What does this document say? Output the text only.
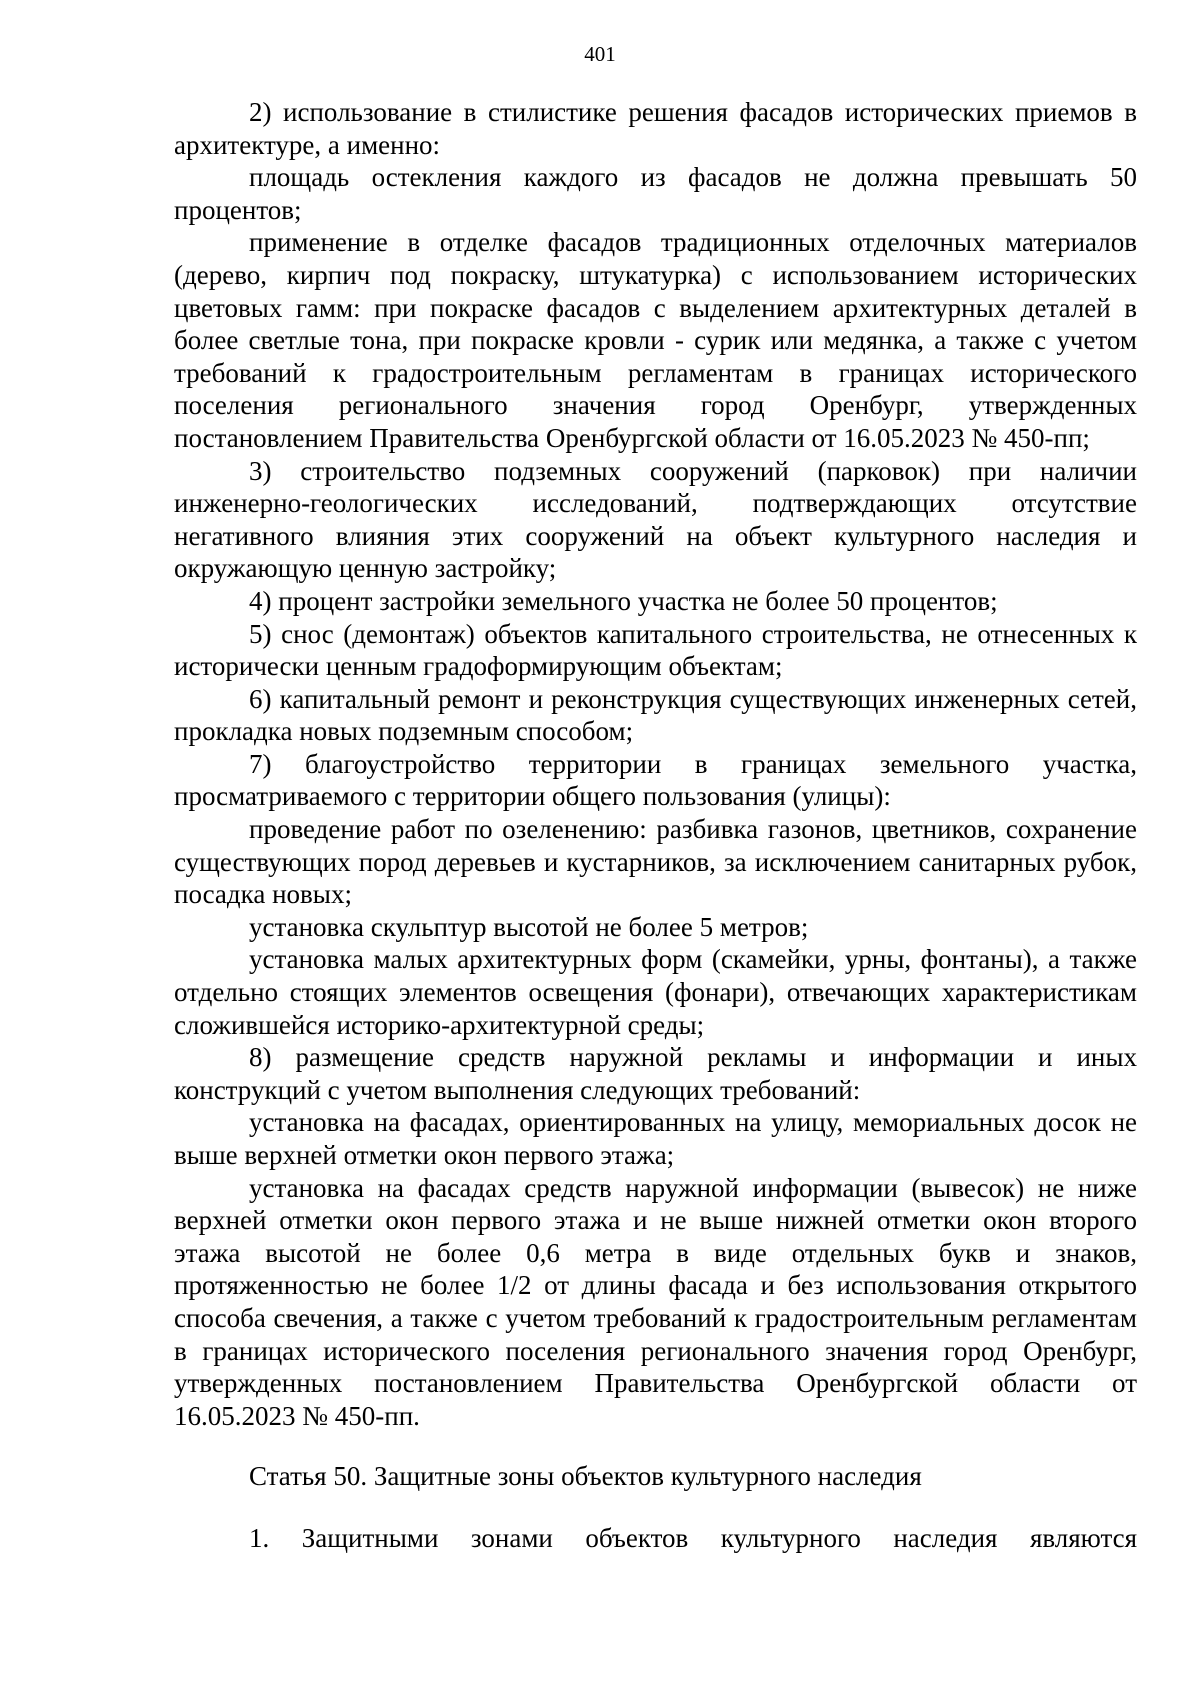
401

2) использование в стилистике решения фасадов исторических приемов в архитектуре, а именно:

площадь остекления каждого из фасадов не должна превышать 50 процентов;

применение в отделке фасадов традиционных отделочных материалов (дерево, кирпич под покраску, штукатурка) с использованием исторических цветовых гамм: при покраске фасадов с выделением архитектурных деталей в более светлые тона, при покраске кровли - сурик или медянка, а также с учетом требований к градостроительным регламентам в границах исторического поселения регионального значения город Оренбург, утвержденных постановлением Правительства Оренбургской области от 16.05.2023 № 450-пп;

3) строительство подземных сооружений (парковок) при наличии инженерно-геологических исследований, подтверждающих отсутствие негативного влияния этих сооружений на объект культурного наследия и окружающую ценную застройку;

4) процент застройки земельного участка не более 50 процентов;

5) снос (демонтаж) объектов капитального строительства, не отнесенных к исторически ценным градоформирующим объектам;

6) капитальный ремонт и реконструкция существующих инженерных сетей, прокладка новых подземным способом;

7) благоустройство территории в границах земельного участка, просматриваемого с территории общего пользования (улицы):

проведение работ по озеленению: разбивка газонов, цветников, сохранение существующих пород деревьев и кустарников, за исключением санитарных рубок, посадка новых;

установка скульптур высотой не более 5 метров;

установка малых архитектурных форм (скамейки, урны, фонтаны), а также отдельно стоящих элементов освещения (фонари), отвечающих характеристикам сложившейся историко-архитектурной среды;

8) размещение средств наружной рекламы и информации и иных конструкций с учетом выполнения следующих требований:

установка на фасадах, ориентированных на улицу, мемориальных досок не выше верхней отметки окон первого этажа;

установка на фасадах средств наружной информации (вывесок) не ниже верхней отметки окон первого этажа и не выше нижней отметки окон второго этажа высотой не более 0,6 метра в виде отдельных букв и знаков, протяженностью не более 1/2 от длины фасада и без использования открытого способа свечения, а также с учетом требований к градостроительным регламентам в границах исторического поселения регионального значения город Оренбург, утвержденных постановлением Правительства Оренбургской области от 16.05.2023 № 450-пп.

Статья 50. Защитные зоны объектов культурного наследия

1. Защитными зонами объектов культурного наследия являются
